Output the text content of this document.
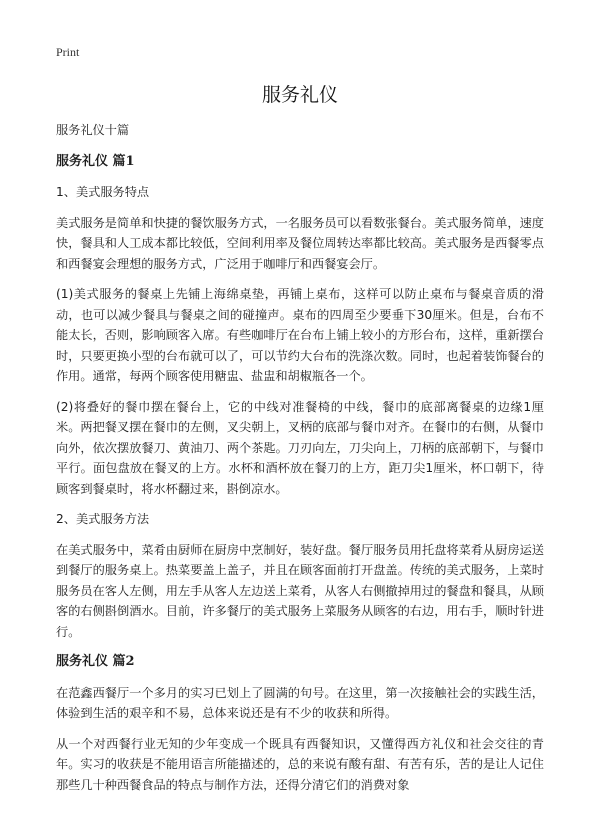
Print
服务礼仪

服务礼仪十篇

服务礼仪 篇1

1、美式服务特点

美式服务是简单和快捷的餐饮服务方式，一名服务员可以看数张餐台。美式服务简单，速度快，餐具和人工成本都比较低，空间利用率及餐位周转达率都比较高。美式服务是西餐零点和西餐宴会理想的服务方式，广泛用于咖啡厅和西餐宴会厅。

(1)美式服务的餐桌上先铺上海绵桌垫，再铺上桌布，这样可以防止桌布与餐桌音质的滑动，也可以减少餐具与餐桌之间的碰撞声。桌布的四周至少要垂下30厘米。但是，台布不能太长，否则，影响顾客入席。有些咖啡厅在台布上铺上较小的方形台布，这样，重新摆台时，只要更换小型的台布就可以了，可以节约大台布的洗涤次数。同时，也起着装饰餐台的作用。通常，每两个顾客使用糖盅、盐盅和胡椒瓶各一个。

(2)将叠好的餐巾摆在餐台上，它的中线对准餐椅的中线，餐巾的底部离餐桌的边缘1厘米。两把餐叉摆在餐巾的左侧，叉尖朝上，叉柄的底部与餐巾对齐。在餐巾的右侧，从餐巾向外，依次摆放餐刀、黄油刀、两个茶匙。刀刃向左，刀尖向上，刀柄的底部朝下，与餐巾平行。面包盘放在餐叉的上方。水杯和酒杯放在餐刀的上方，距刀尖1厘米，杯口朝下，待顾客到餐桌时，将水杯翻过来，斟倒凉水。

2、美式服务方法

在美式服务中，菜肴由厨师在厨房中烹制好，装好盘。餐厅服务员用托盘将菜肴从厨房运送到餐厅的服务桌上。热菜要盖上盖子，并且在顾客面前打开盘盖。传统的美式服务，上菜时服务员在客人左侧，用左手从客人左边送上菜肴，从客人右侧撤掉用过的餐盘和餐具，从顾客的右侧斟倒酒水。目前，许多餐厅的美式服务上菜服务从顾客的右边，用右手，顺时针进行。

服务礼仪 篇2

在范鑫西餐厅一个多月的实习已划上了圆满的句号。在这里，第一次接触社会的实践生活，体验到生活的艰辛和不易，总体来说还是有不少的收获和所得。

从一个对西餐行业无知的少年变成一个既具有西餐知识，又懂得西方礼仪和社会交往的青年。实习的收获是不能用语言所能描述的，总的来说有酸有甜、有苦有乐，苦的是让人记住那些几十种西餐食品的特点与制作方法，还得分清它们的消费对象
